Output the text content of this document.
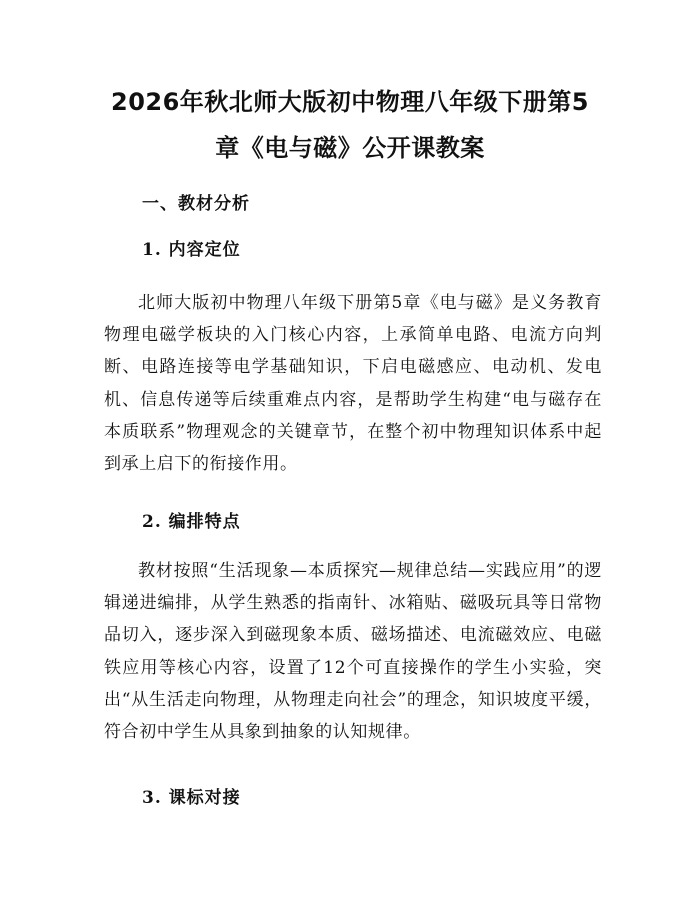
2026年秋北师大版初中物理八年级下册第5
章《电与磁》公开课教案
一、教材分析
1. 内容定位

北师大版初中物理八年级下册第5章《电与磁》是义务教育物理电磁学板块的入门核心内容，上承简单电路、电流方向判断、电路连接等电学基础知识，下启电磁感应、电动机、发电机、信息传递等后续重难点内容，是帮助学生构建“电与磁存在本质联系”物理观念的关键章节，在整个初中物理知识体系中起到承上启下的衔接作用。

2. 编排特点

教材按照“生活现象—本质探究—规律总结—实践应用”的逻辑递进编排，从学生熟悉的指南针、冰箱贴、磁吸玩具等日常物品切入，逐步深入到磁现象本质、磁场描述、电流磁效应、电磁铁应用等核心内容，设置了12个可直接操作的学生小实验，突出“从生活走向物理，从物理走向社会”的理念，知识坡度平缓，符合初中学生从具象到抽象的认知规律。

3. 课标对接
